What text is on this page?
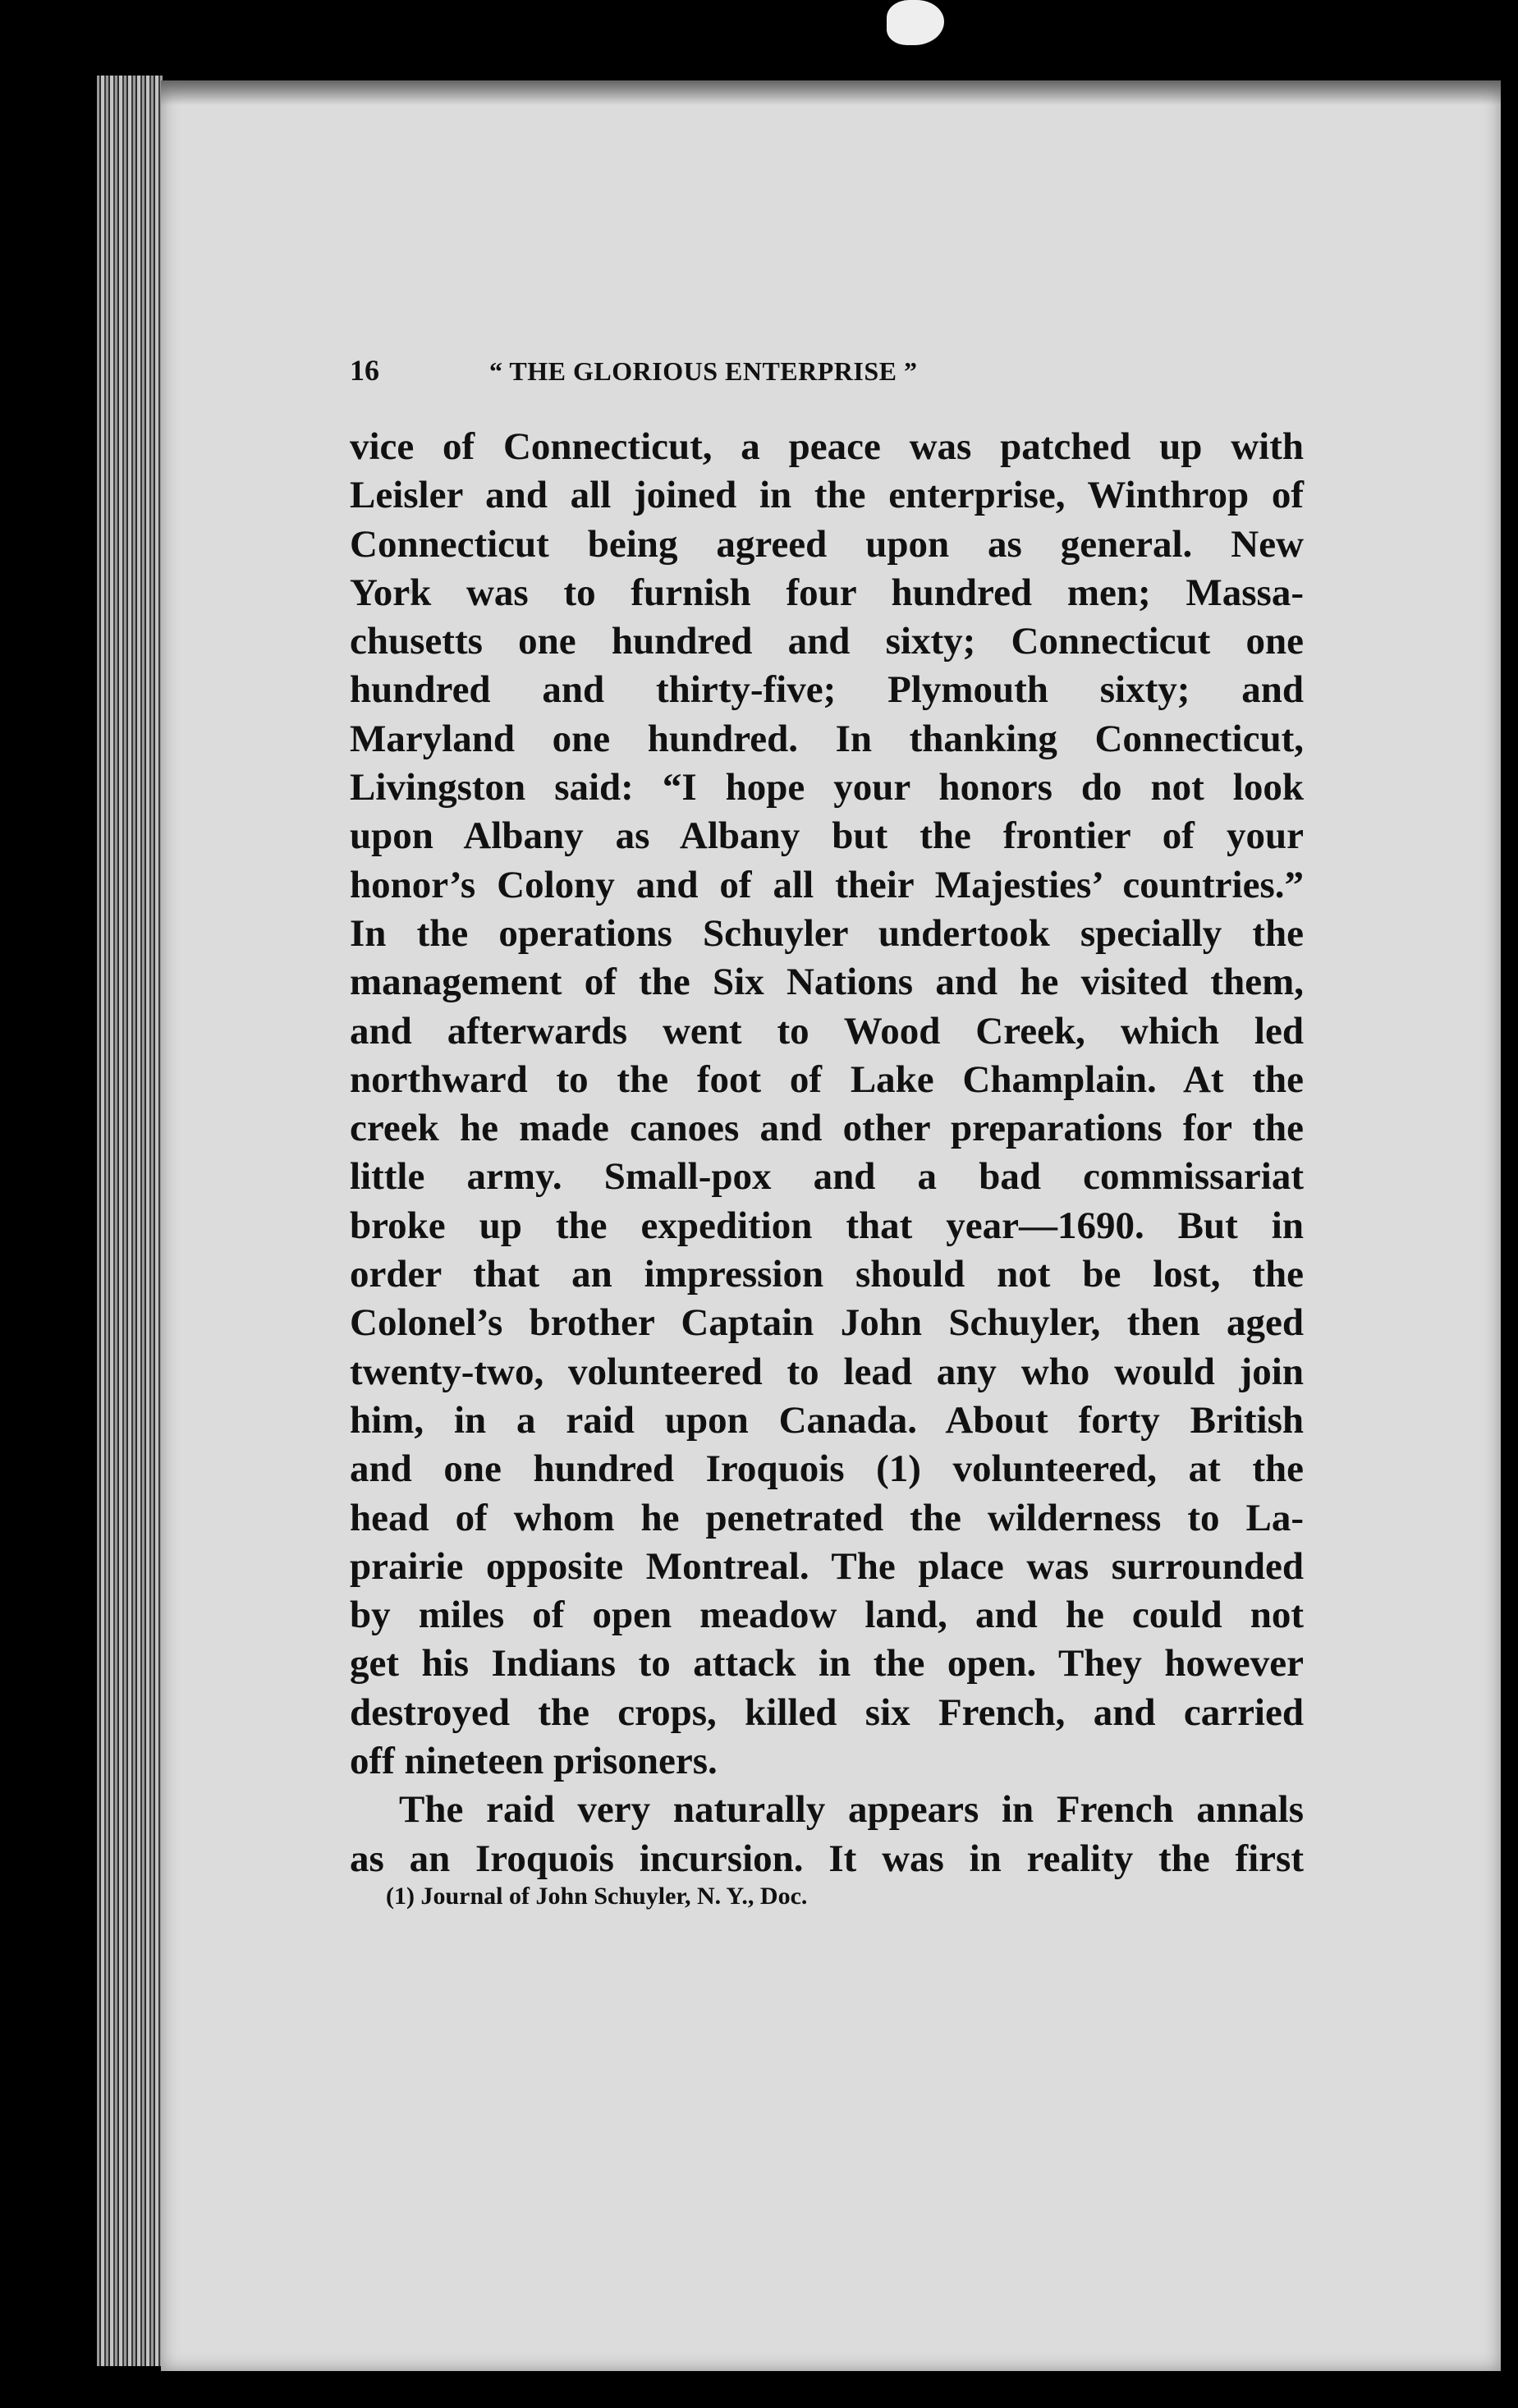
16	“ THE GLORIOUS ENTERPRISE ”
vice of Connecticut, a peace was patched up with
Leisler and all joined in the enterprise, Winthrop of
Connecticut being agreed upon as general. New
York was to furnish four hundred men; Massa-
chusetts one hundred and sixty; Connecticut one
hundred and thirty-five; Plymouth sixty; and
Maryland one hundred. In thanking Connecticut,
Livingston said: “I hope your honors do not look
upon Albany as Albany but the frontier of your
honor’s Colony and of all their Majesties’ countries.”
In the operations Schuyler undertook specially the
management of the Six Nations and he visited them,
and afterwards went to Wood Creek, which led
northward to the foot of Lake Champlain. At the
creek he made canoes and other preparations for the
little army. Small-pox and a bad commissariat
broke up the expedition that year—1690. But in
order that an impression should not be lost, the
Colonel’s brother Captain John Schuyler, then aged
twenty-two, volunteered to lead any who would join
him, in a raid upon Canada. About forty British
and one hundred Iroquois (1) volunteered, at the
head of whom he penetrated the wilderness to La-
prairie opposite Montreal. The place was surrounded
by miles of open meadow land, and he could not
get his Indians to attack in the open. They however
destroyed the crops, killed six French, and carried
off nineteen prisoners.
The raid very naturally appears in French annals
as an Iroquois incursion. It was in reality the first
(1) Journal of John Schuyler, N. Y., Doc.
